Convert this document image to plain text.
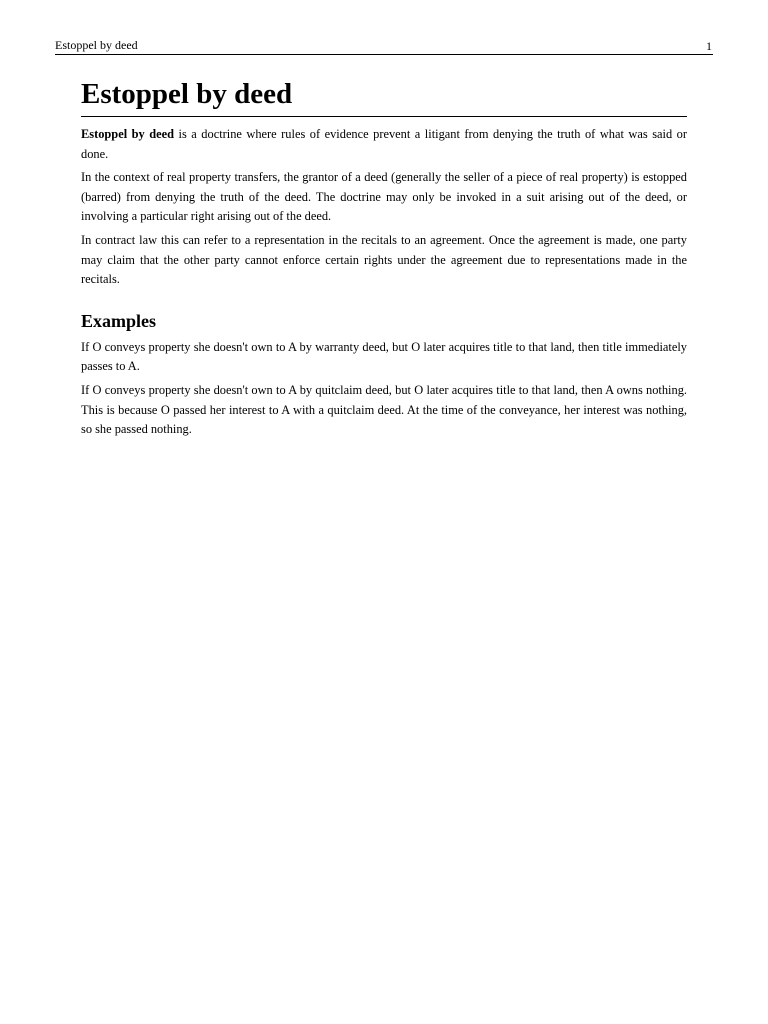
Estoppel by deed	1
Estoppel by deed

Estoppel by deed is a doctrine where rules of evidence prevent a litigant from denying the truth of what was said or done.

In the context of real property transfers, the grantor of a deed (generally the seller of a piece of real property) is estopped (barred) from denying the truth of the deed. The doctrine may only be invoked in a suit arising out of the deed, or involving a particular right arising out of the deed.

In contract law this can refer to a representation in the recitals to an agreement. Once the agreement is made, one party may claim that the other party cannot enforce certain rights under the agreement due to representations made in the recitals.

Examples

If O conveys property she doesn't own to A by warranty deed, but O later acquires title to that land, then title immediately passes to A.

If O conveys property she doesn't own to A by quitclaim deed, but O later acquires title to that land, then A owns nothing. This is because O passed her interest to A with a quitclaim deed. At the time of the conveyance, her interest was nothing, so she passed nothing.
